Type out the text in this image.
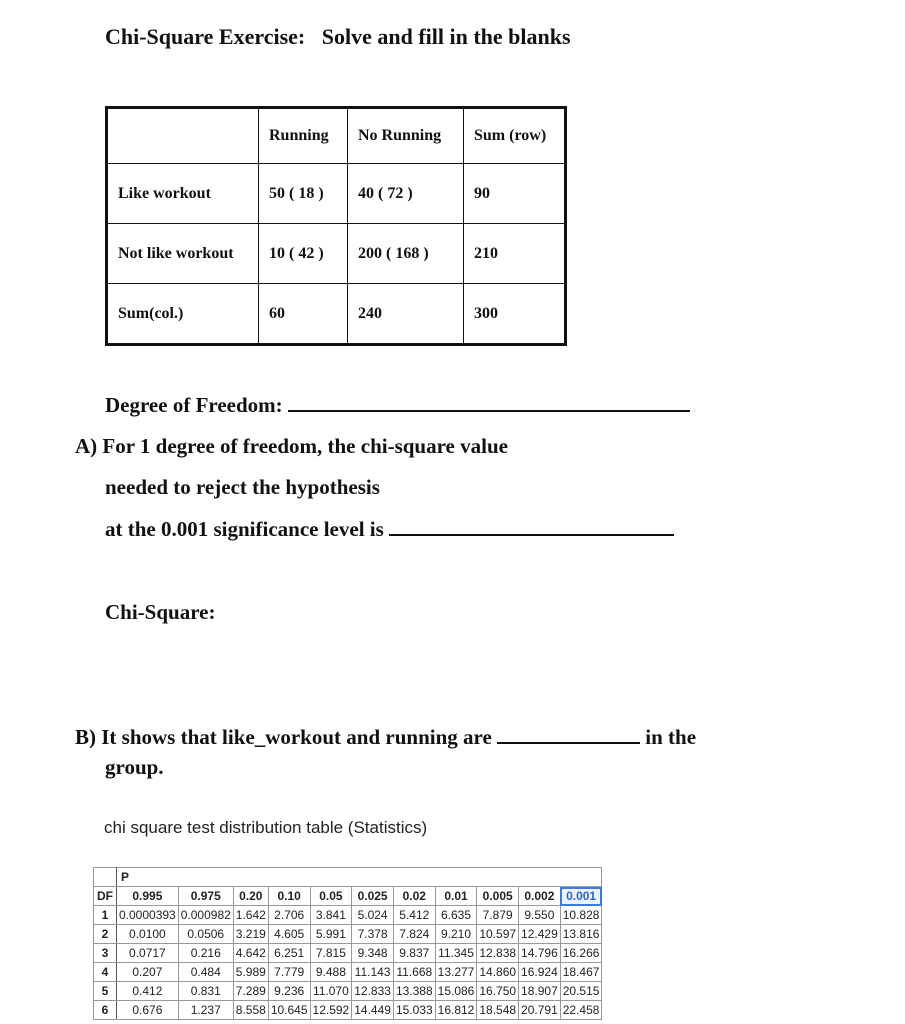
Chi-Square Exercise:   Solve and fill in the blanks
	Running	No Running	Sum (row)
Like workout	50 ( 18 )	40 ( 72 )	90
Not like workout	10 ( 42 )	200 ( 168 )	210
Sum(col.)	60	240	300
Degree of Freedom:
A) For 1 degree of freedom, the chi-square value
needed to reject the hypothesis
at the 0.001 significance level is
Chi-Square:
B) It shows that like_workout and running are	in the
group.
chi square test distribution table (Statistics)
	P										
DF	0.995	0.975	0.20	0.10	0.05	0.025	0.02	0.01	0.005	0.002	0.001
1	0.0000393	0.000982	1.642	2.706	3.841	5.024	5.412	6.635	7.879	9.550	10.828
2	0.0100	0.0506	3.219	4.605	5.991	7.378	7.824	9.210	10.597	12.429	13.816
3	0.0717	0.216	4.642	6.251	7.815	9.348	9.837	11.345	12.838	14.796	16.266
4	0.207	0.484	5.989	7.779	9.488	11.143	11.668	13.277	14.860	16.924	18.467
5	0.412	0.831	7.289	9.236	11.070	12.833	13.388	15.086	16.750	18.907	20.515
6	0.676	1.237	8.558	10.645	12.592	14.449	15.033	16.812	18.548	20.791	22.458
